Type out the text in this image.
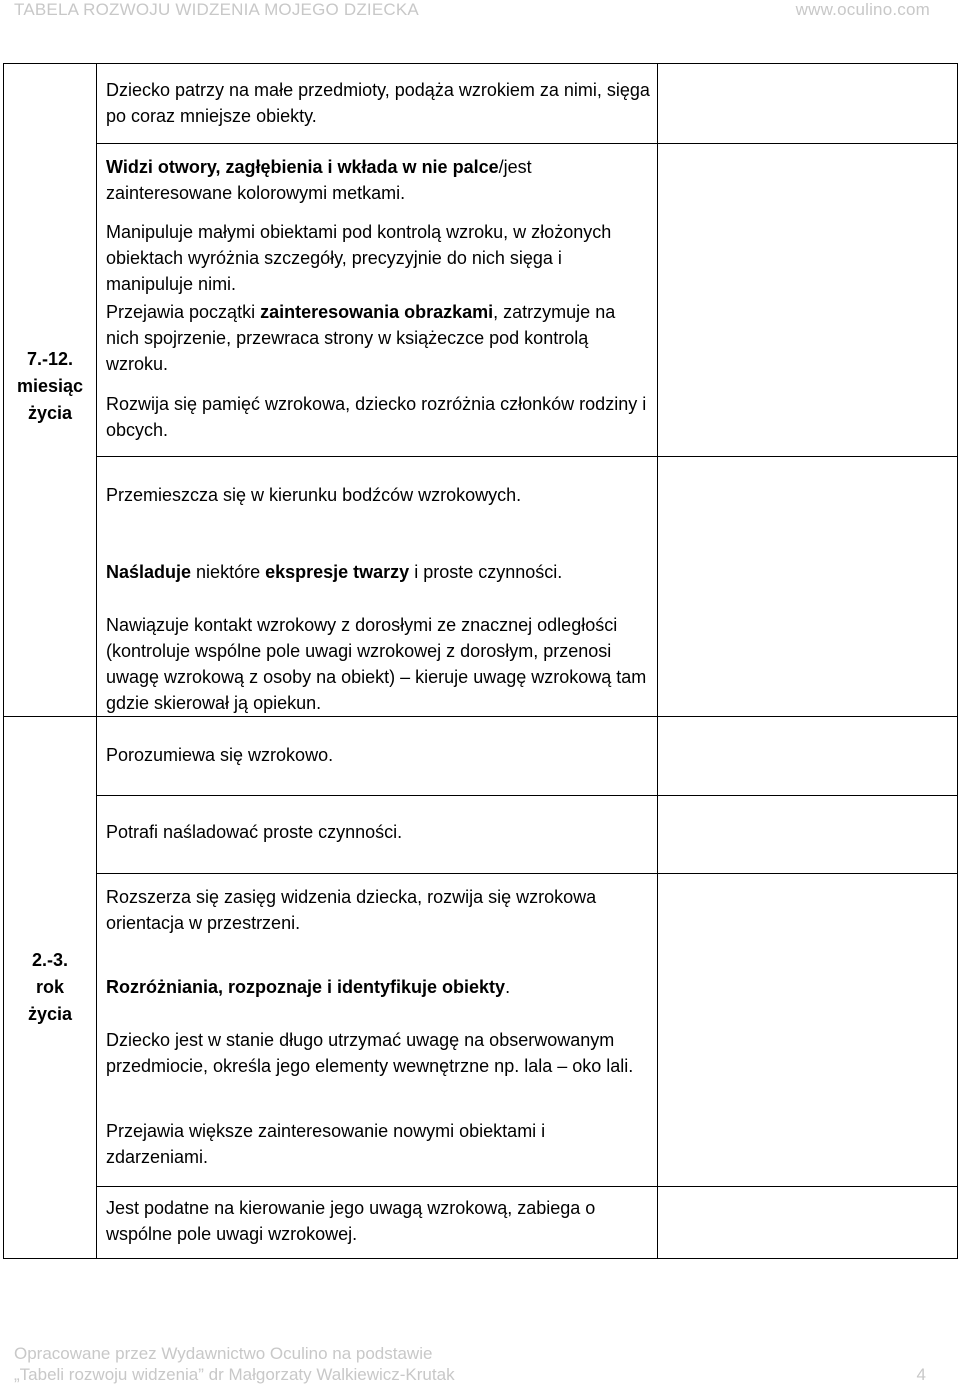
TABELA ROZWOJU WIDZENIA MOJEGO DZIECKA	www.oculino.com
7.-12.
miesiąc
życia
2.-3.
rok
życia

Dziecko patrzy na małe przedmioty, podąża wzrokiem za nimi, sięga po coraz mniejsze obiekty.

Widzi otwory, zagłębienia i wkłada w nie palce/jest zainteresowane kolorowymi metkami.

Manipuluje małymi obiektami pod kontrolą wzroku, w złożonych obiektach wyróżnia szczegóły, precyzyjnie do nich sięga i manipuluje nimi.

Przejawia początki zainteresowania obrazkami, zatrzymuje na nich spojrzenie, przewraca strony w książeczce pod kontrolą wzroku.

Rozwija się pamięć wzrokowa, dziecko rozróżnia członków rodziny i obcych.

Przemieszcza się w kierunku bodźców wzrokowych.

Naśladuje niektóre ekspresje twarzy i proste czynności.

Nawiązuje kontakt wzrokowy z dorosłymi ze znacznej odległości (kontroluje wspólne pole uwagi wzrokowej z dorosłym, przenosi uwagę wzrokową z osoby na obiekt) – kieruje uwagę wzrokową tam gdzie skierował ją opiekun.

Porozumiewa się wzrokowo.

Potrafi naśladować proste czynności.

Rozszerza się zasięg widzenia dziecka, rozwija się wzrokowa orientacja w przestrzeni.

Rozróżniania, rozpoznaje i identyfikuje obiekty.

Dziecko jest w stanie długo utrzymać uwagę na obserwowanym przedmiocie, określa jego elementy wewnętrzne np. lala – oko lali.

Przejawia większe zainteresowanie nowymi obiektami i zdarzeniami.

Jest podatne na kierowanie jego uwagą wzrokową, zabiega o wspólne pole uwagi wzrokowej.

Opracowane przez Wydawnictwo Oculino na podstawie
„Tabeli rozwoju widzenia” dr Małgorzaty Walkiewicz-Krutak	4
